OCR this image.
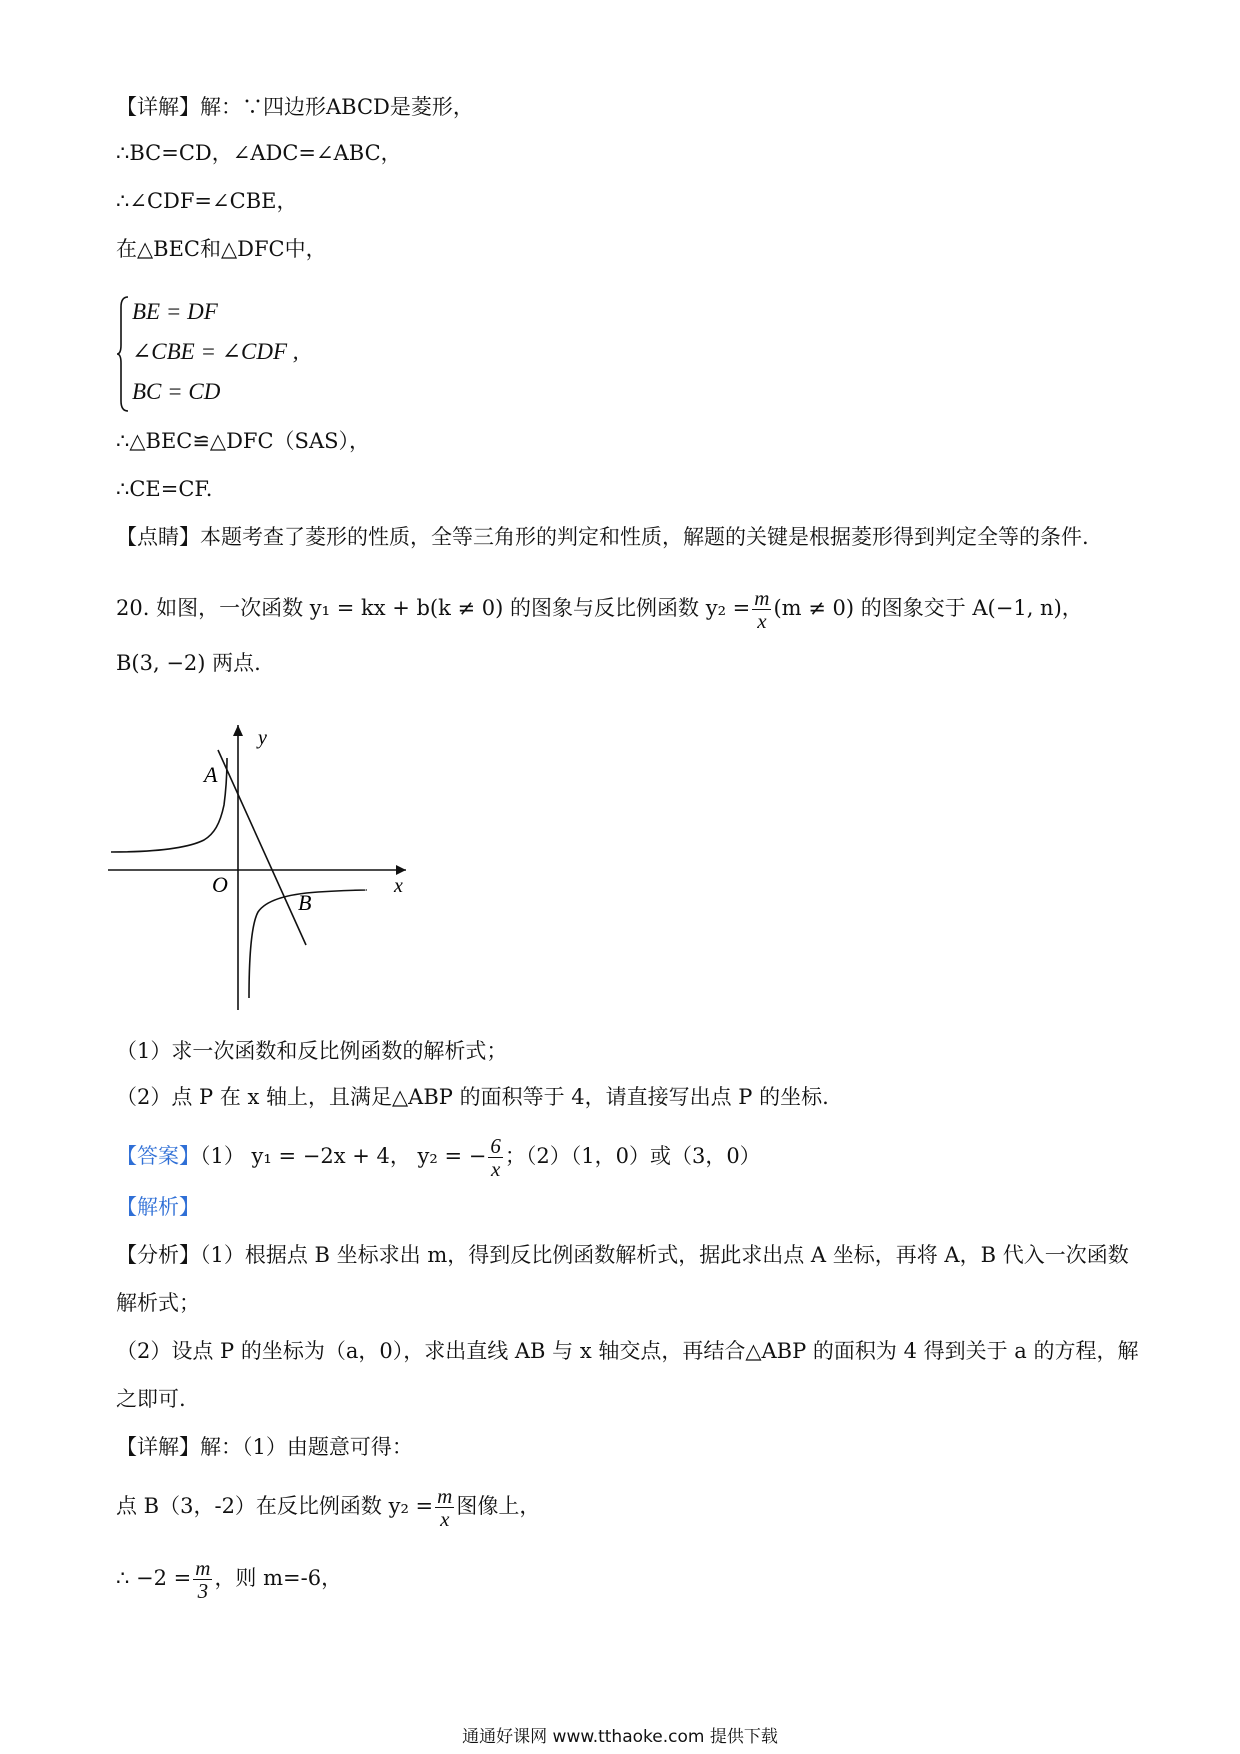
【详解】解：∵四边形ABCD是菱形，
∴BC=CD，∠ADC=∠ABC，
∴∠CDF=∠CBE，
在△BEC和△DFC中，
BE = DF
∠CBE = ∠CDF ,
BC = CD
∴△BEC≌△DFC（SAS），
∴CE=CF.
【点睛】本题考查了菱形的性质，全等三角形的判定和性质，解题的关键是根据菱形得到判定全等的条件.
20. 如图，一次函数 y₁ = kx + b(k ≠ 0) 的图象与反比例函数 $y_2 = \frac{m}{x} (m \ne 0)$ 的图象交于 A(−1, n)，
B(3, −2) 两点.
y
x
O
A
B
（1）求一次函数和反比例函数的解析式；
（2）点 P 在 x 轴上，且满足△ABP 的面积等于 4，请直接写出点 P 的坐标.
【答案】（1） y₁ = −2x + 4， y₂ = − $\frac{6}{x}$ ；（2）（1，0）或（3，0）
【解析】
【分析】（1）根据点 B 坐标求出 m，得到反比例函数解析式，据此求出点 A 坐标，再将 A，B 代入一次函数
解析式；
（2）设点 P 的坐标为（a，0），求出直线 AB 与 x 轴交点，再结合△ABP 的面积为 4 得到关于 a 的方程，解
之即可.
【详解】解：（1）由题意可得：
点 B（3，-2）在反比例函数 $y_2 = \frac{m}{x}$ 图像上，
∴ $-2 = \frac{m}{3}$ ，则 m=-6，
通通好课网 www.tthaoke.com 提供下载
